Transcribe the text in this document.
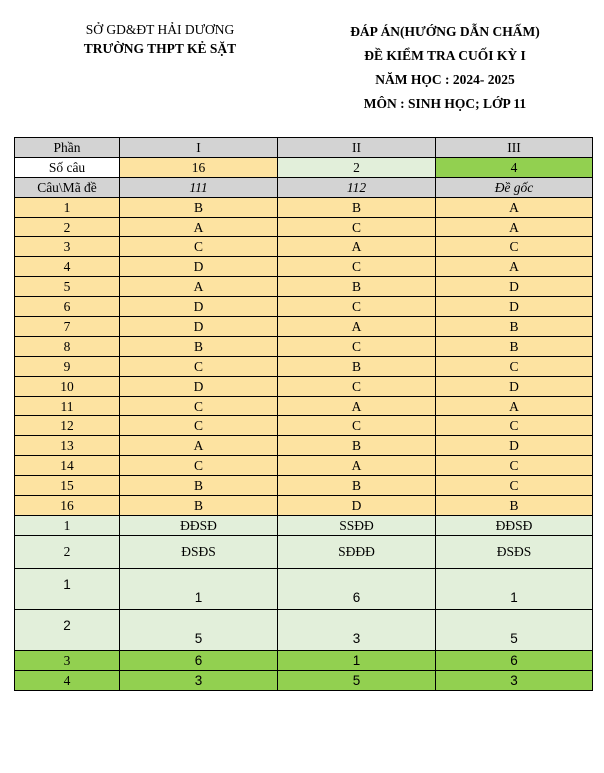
SỞ GD&ĐT HẢI DƯƠNG
TRƯỜNG THPT KẺ SẶT
ĐÁP ÁN(HƯỚNG DẪN CHẤM)
ĐỀ KIỂM TRA CUỐI KỲ I
NĂM HỌC : 2024- 2025
MÔN : SINH HỌC; LỚP 11
Phần	I	II	III
Số câu	16	2	4
Câu\Mã đề	111	112	Đề gốc
1	B	B	A
2	A	C	A
3	C	A	C
4	D	C	A
5	A	B	D
6	D	C	D
7	D	A	B
8	B	C	B
9	C	B	C
10	D	C	D
11	C	A	A
12	C	C	C
13	A	B	D
14	C	A	C
15	B	B	C
16	B	D	B
1	ĐĐSĐ	SSĐĐ	ĐĐSĐ
2	ĐSĐS	SĐĐĐ	ĐSĐS
1	1	6	1
2	5	3	5
3	6	1	6
4	3	5	3
